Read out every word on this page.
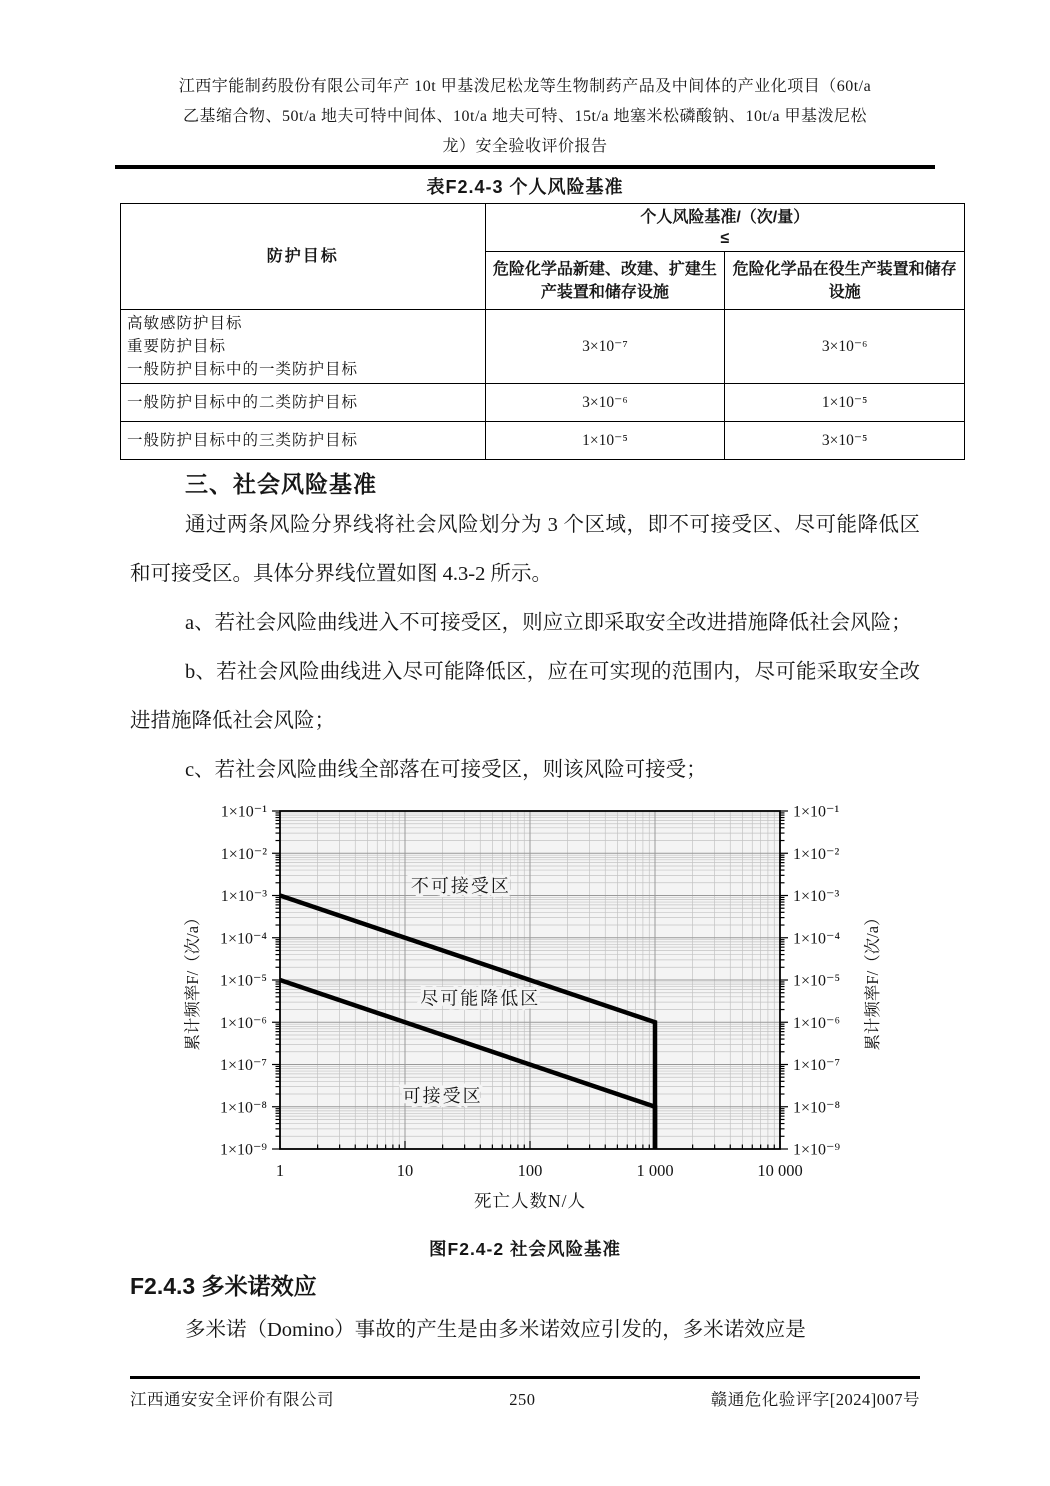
江西宇能制药股份有限公司年产 10t 甲基泼尼松龙等生物制药产品及中间体的产业化项目（60t/a
乙基缩合物、50t/a 地夫可特中间体、10t/a 地夫可特、15t/a 地塞米松磷酸钠、10t/a 甲基泼尼松
龙）安全验收评价报告
表F2.4-3 个人风险基准
防护目标	个人风险基准/（次/量）
≤	

	危险化学品新建、改建、扩建生产装置和储存设施	危险化学品在役生产装置和储存设施

高敏感防护目标
重要防护目标
一般防护目标中的一类防护目标	3×10⁻⁷	3×10⁻⁶
一般防护目标中的二类防护目标	3×10⁻⁶	1×10⁻⁵
一般防护目标中的三类防护目标	1×10⁻⁵	3×10⁻⁵
三、社会风险基准

通过两条风险分界线将社会风险划分为 3 个区域，即不可接受区、尽可能降低区和可接受区。具体分界线位置如图 4.3-2 所示。

a、若社会风险曲线进入不可接受区，则应立即采取安全改进措施降低社会风险；

b、若社会风险曲线进入尽可能降低区，应在可实现的范围内，尽可能采取安全改进措施降低社会风险；

c、若社会风险曲线全部落在可接受区，则该风险可接受；

不可接受区
尽可能降低区
可接受区
1×10⁻¹	1×10⁻¹
1×10⁻²	1×10⁻²
1×10⁻³	1×10⁻³
1×10⁻⁴	1×10⁻⁴
1×10⁻⁵	1×10⁻⁵
1×10⁻⁶	1×10⁻⁶
1×10⁻⁷	1×10⁻⁷
1×10⁻⁸	1×10⁻⁸
1×10⁻⁹	1×10⁻⁹
1	10	100	1 000	10 000
累计频率F/（次/a）	累计频率F/（次/a）
死亡人数N/人
图F2.4-2 社会风险基准
F2.4.3 多米诺效应

多米诺（Domino）事故的产生是由多米诺效应引发的，多米诺效应是

江西通安安全评价有限公司	250	赣通危化验评字[2024]007号
